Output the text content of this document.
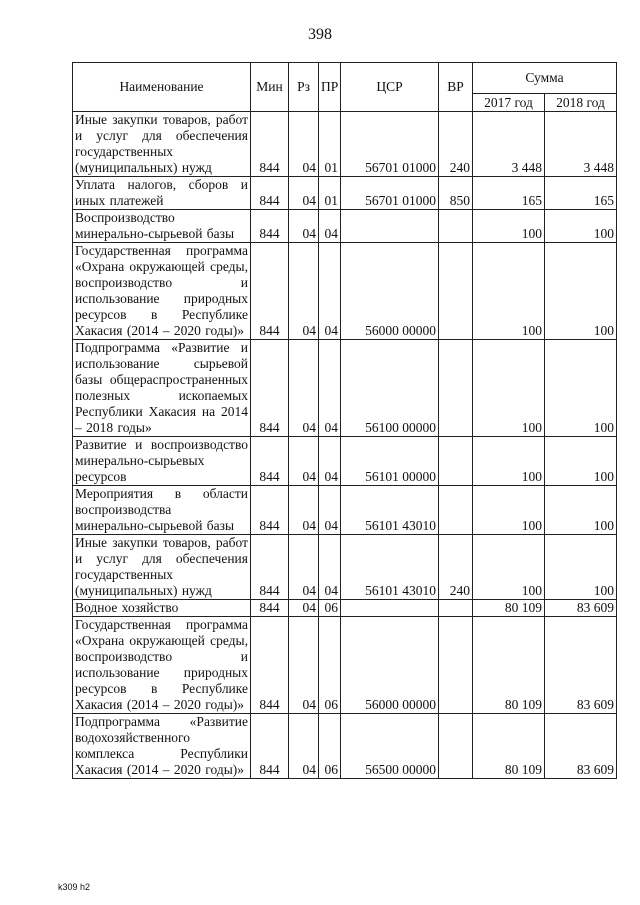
398
Наименование	Мин	Рз	ПР	ЦСР	ВР	Сумма	
						2017 год	2018 год
Иные закупки товаров, работ и услуг для обеспечения государственных (муниципальных) нужд	844	04	01	56701 01000	240	3 448	3 448
Уплата налогов, сборов и иных платежей	844	04	01	56701 01000	850	165	165
Воспроизводство минерально-сырьевой базы	844	04	04			100	100
Государственная программа «Охрана окружающей среды, воспроизводство и использование природных ресурсов в Республике Хакасия (2014 – 2020 годы)»	844	04	04	56000 00000		100	100
Подпрограмма «Развитие и использование сырьевой базы общераспространенных полезных ископаемых Республики Хакасия на 2014 – 2018 годы»	844	04	04	56100 00000		100	100
Развитие и воспроизводство минерально-сырьевых ресурсов	844	04	04	56101 00000		100	100
Мероприятия в области воспроизводства минерально-сырьевой базы	844	04	04	56101 43010		100	100
Иные закупки товаров, работ и услуг для обеспечения государственных (муниципальных) нужд	844	04	04	56101 43010	240	100	100
Водное хозяйство	844	04	06			80 109	83 609
Государственная программа «Охрана окружающей среды, воспроизводство и использование природных ресурсов в Республике Хакасия (2014 – 2020 годы)»	844	04	06	56000 00000		80 109	83 609
Подпрограмма «Развитие водохозяйственного комплекса Республики Хакасия (2014 – 2020 годы)»	844	04	06	56500 00000		80 109	83 609
k309 h2
